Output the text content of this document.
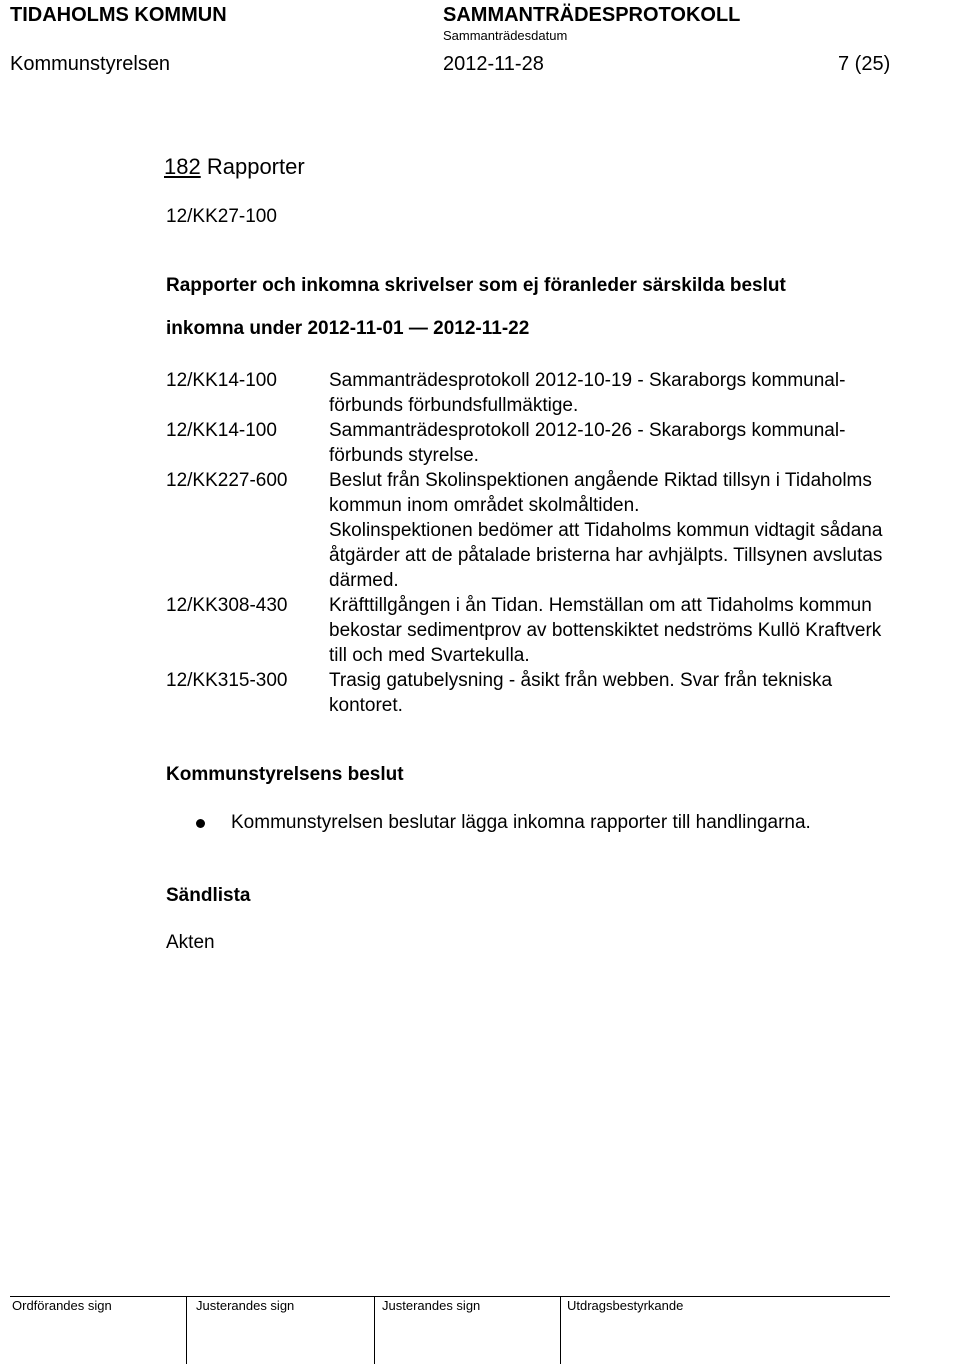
TIDAHOLMS KOMMUN	SAMMANTRÄDESPROTOKOLL
Sammanträdesdatum
Kommunstyrelsen	2012-11-28	7 (25)
182 Rapporter
12/KK27-100
Rapporter och inkomna skrivelser som ej föranleder särskilda beslut
inkomna under 2012-11-01 — 2012-11-22
12/KK14-100	Sammanträdesprotokoll 2012-10-19 - Skaraborgs kommunal-
förbunds förbundsfullmäktige.
12/KK14-100	Sammanträdesprotokoll 2012-10-26 - Skaraborgs kommunal-
förbunds styrelse.
12/KK227-600	Beslut från Skolinspektionen angående Riktad tillsyn i Tidaholms
kommun inom området skolmåltiden.
Skolinspektionen bedömer att Tidaholms kommun vidtagit sådana
åtgärder att de påtalade bristerna har avhjälpts. Tillsynen avslutas
därmed.
12/KK308-430	Kräfttillgången i ån Tidan. Hemställan om att Tidaholms kommun
bekostar sedimentprov av bottenskiktet nedströms Kullö Kraftverk
till och med Svartekulla.
12/KK315-300	Trasig gatubelysning - åsikt från webben. Svar från tekniska
kontoret.
Kommunstyrelsens beslut
Kommunstyrelsen beslutar lägga inkomna rapporter till handlingarna.
Sändlista
Akten
Ordförandes sign	Justerandes sign	Justerandes sign	Utdragsbestyrkande
